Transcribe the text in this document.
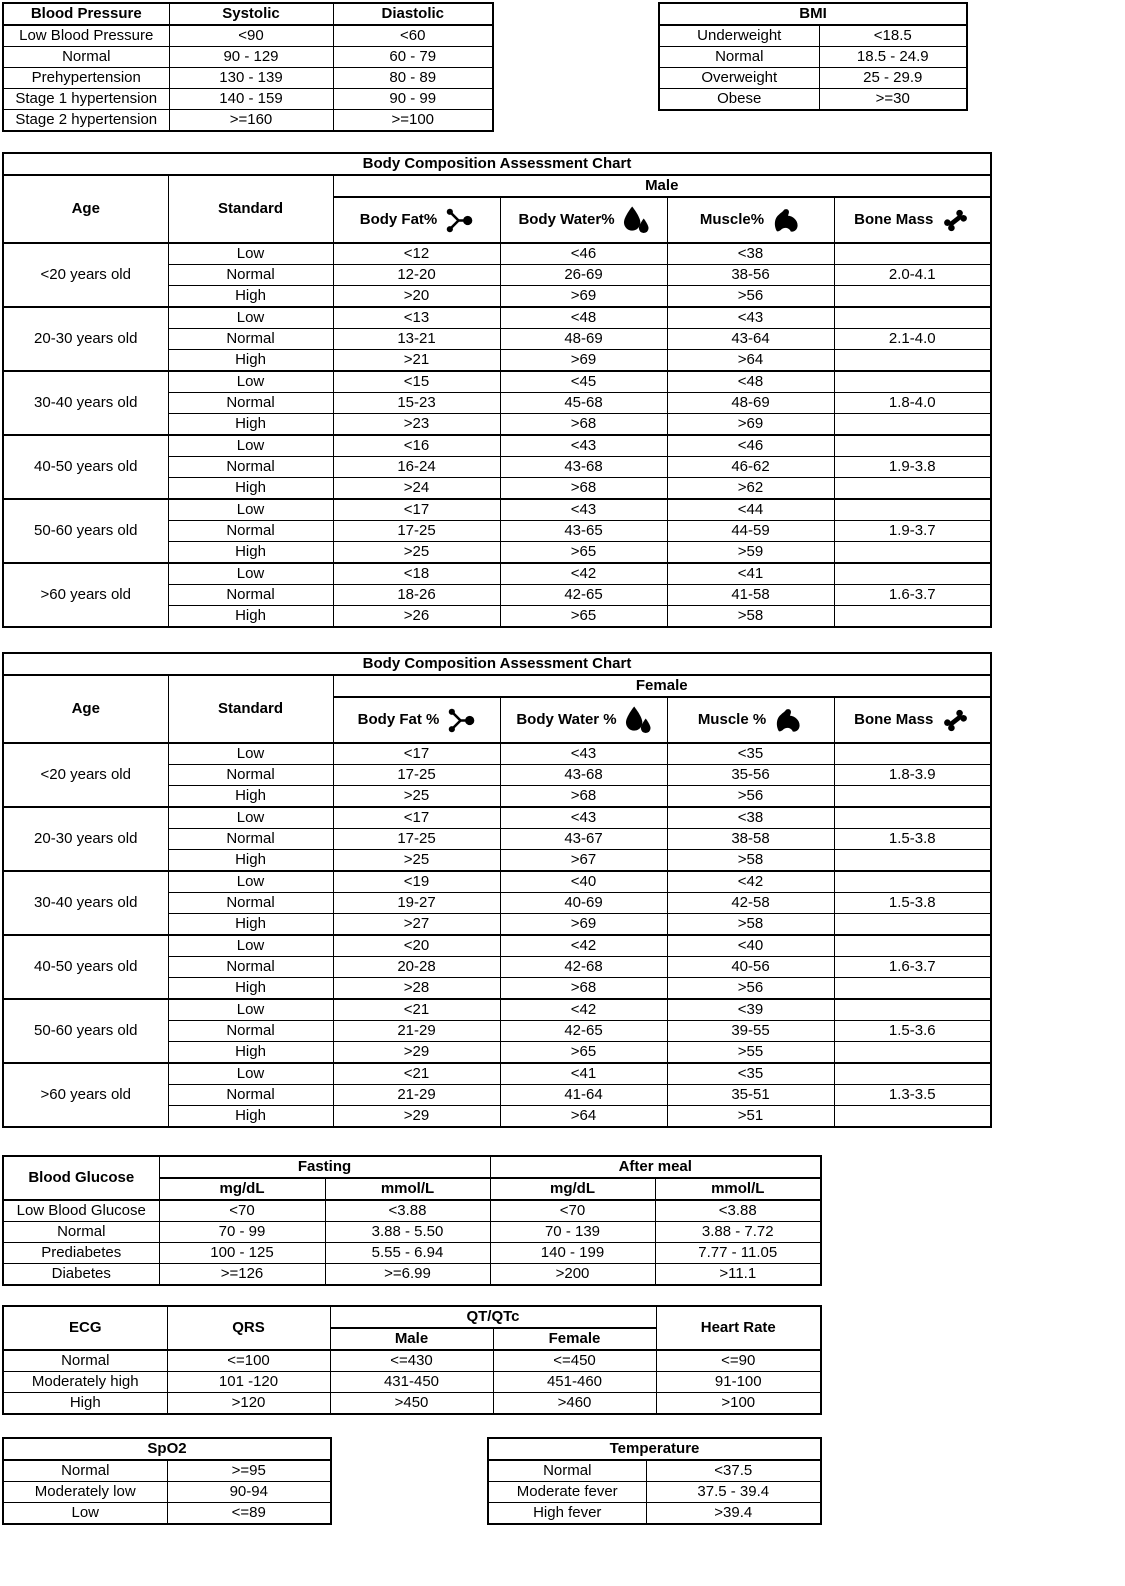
Blood Pressure	Systolic	Diastolic
Low Blood Pressure	<90	<60
Normal	90 - 129	60 - 79
Prehypertension	130 - 139	80 - 89
Stage 1 hypertension	140 - 159	90 - 99
Stage 2 hypertension	>=160	>=100
BMI	
Underweight	<18.5
Normal	18.5 - 24.9
Overweight	25 - 29.9
Obese	>=30
Body Composition Assessment Chart					
Age	Standard	Male			

		Body Fat%	Body Water%	Muscle%	Bone Mass

<20 years old	Low	<12	<46	<38	
	Normal	12-20	26-69	38-56	2.0-4.1
	High	>20	>69	>56	
20-30 years old	Low	<13	<48	<43	
	Normal	13-21	48-69	43-64	2.1-4.0
	High	>21	>69	>64	
30-40 years old	Low	<15	<45	<48	
	Normal	15-23	45-68	48-69	1.8-4.0
	High	>23	>68	>69	
40-50 years old	Low	<16	<43	<46	
	Normal	16-24	43-68	46-62	1.9-3.8
	High	>24	>68	>62	
50-60 years old	Low	<17	<43	<44	
	Normal	17-25	43-65	44-59	1.9-3.7
	High	>25	>65	>59	
>60 years old	Low	<18	<42	<41	
	Normal	18-26	42-65	41-58	1.6-3.7
	High	>26	>65	>58	
Body Composition Assessment Chart					
Age	Standard	Female			

		Body Fat %	Body Water %	Muscle %	Bone Mass

<20 years old	Low	<17	<43	<35	
	Normal	17-25	43-68	35-56	1.8-3.9
	High	>25	>68	>56	
20-30 years old	Low	<17	<43	<38	
	Normal	17-25	43-67	38-58	1.5-3.8
	High	>25	>67	>58	
30-40 years old	Low	<19	<40	<42	
	Normal	19-27	40-69	42-58	1.5-3.8
	High	>27	>69	>58	
40-50 years old	Low	<20	<42	<40	
	Normal	20-28	42-68	40-56	1.6-3.7
	High	>28	>68	>56	
50-60 years old	Low	<21	<42	<39	
	Normal	21-29	42-65	39-55	1.5-3.6
	High	>29	>65	>55	
>60 years old	Low	<21	<41	<35	
	Normal	21-29	41-64	35-51	1.3-3.5
	High	>29	>64	>51	
Blood Glucose	Fasting		After meal	
	mg/dL	mmol/L	mg/dL	mmol/L
Low Blood Glucose	<70	<3.88	<70	<3.88
Normal	70 - 99	3.88 - 5.50	70 - 139	3.88 - 7.72
Prediabetes	100 - 125	5.55 - 6.94	140 - 199	7.77 - 11.05
Diabetes	>=126	>=6.99	>200	>11.1
ECG	QRS	QT/QTc		Heart Rate
		Male	Female	
Normal	<=100	<=430	<=450	<=90
Moderately high	101 -120	431-450	451-460	91-100
High	>120	>450	>460	>100
SpO2	
Normal	>=95
Moderately low	90-94
Low	<=89
Temperature	
Normal	<37.5
Moderate fever	37.5 - 39.4
High fever	>39.4
